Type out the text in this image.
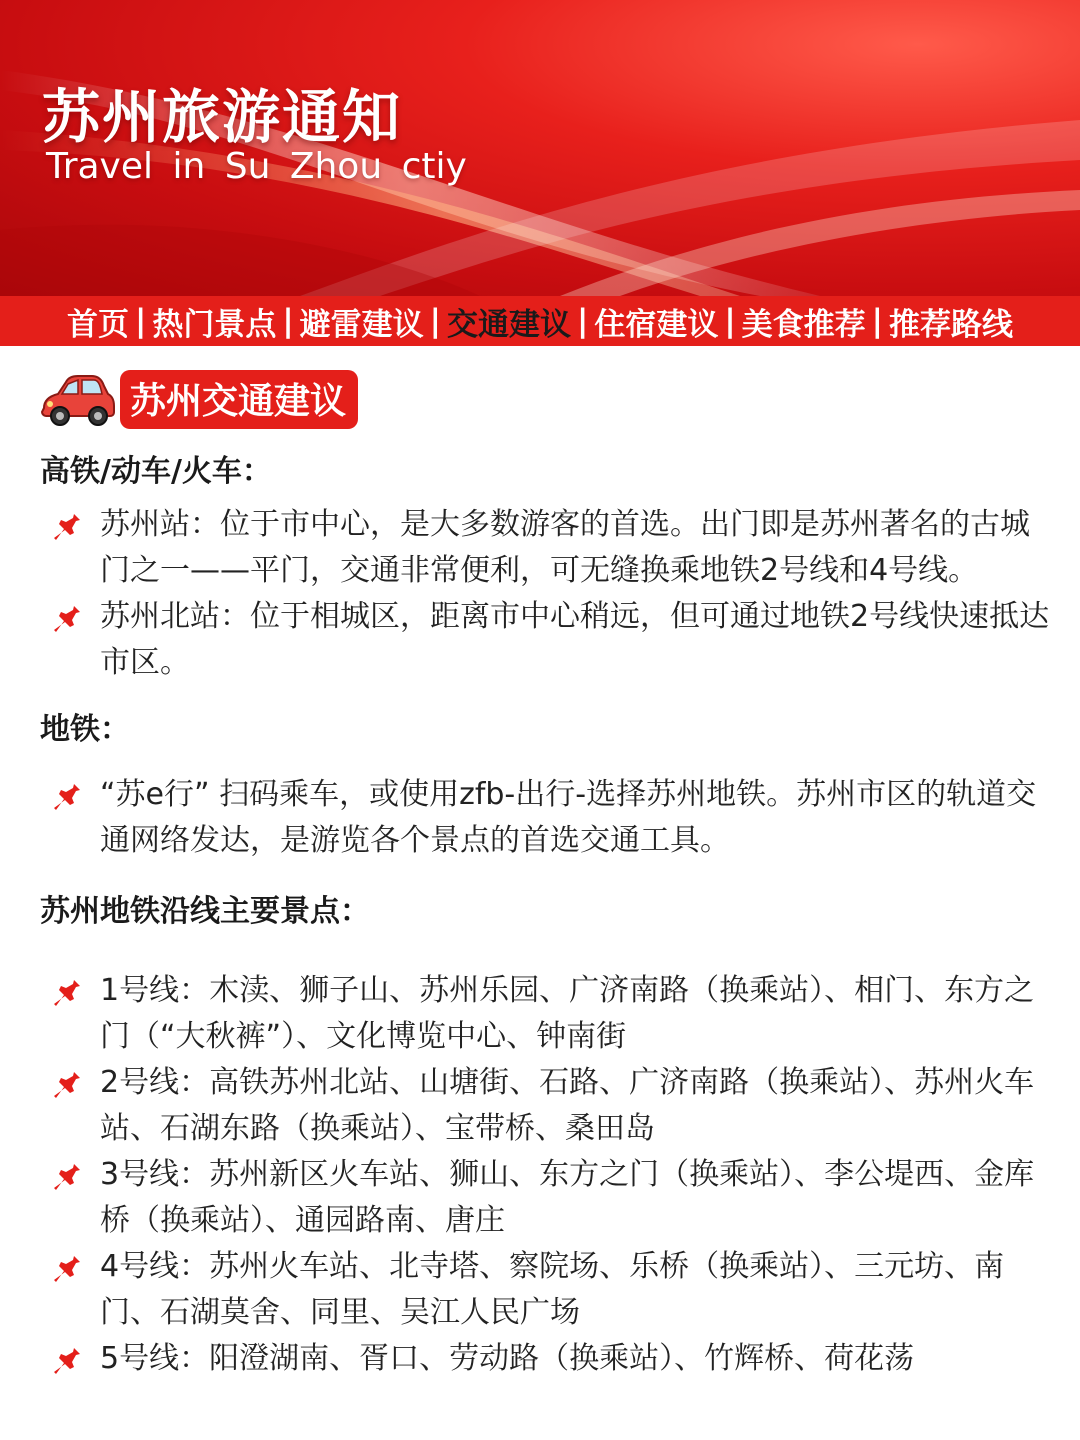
苏州旅游通知
Travel in Su Zhou ctiy
首页 | 热门景点 | 避雷建议 | 交通建议 | 住宿建议 | 美食推荐 | 推荐路线
苏州交通建议
高铁/动车/火车：
苏州站：位于市中心，是大多数游客的首选。出门即是苏州著名的古城门之一——平门，交通非常便利，可无缝换乘地铁2号线和4号线。
苏州北站：位于相城区，距离市中心稍远，但可通过地铁2号线快速抵达市区。
地铁：
“苏e行” 扫码乘车，或使用zfb-出行-选择苏州地铁。苏州市区的轨道交通网络发达，是游览各个景点的首选交通工具。
苏州地铁沿线主要景点：
1号线：木渎、狮子山、苏州乐园、广济南路（换乘站）、相门、东方之门（“大秋裤”）、文化博览中心、钟南街
2号线：高铁苏州北站、山塘街、石路、广济南路（换乘站）、苏州火车站、石湖东路（换乘站）、宝带桥、桑田岛
3号线：苏州新区火车站、狮山、东方之门（换乘站）、李公堤西、金库桥（换乘站）、通园路南、唐庄
4号线：苏州火车站、北寺塔、察院场、乐桥（换乘站）、三元坊、南门、石湖莫舍、同里、吴江人民广场
5号线：阳澄湖南、胥口、劳动路（换乘站）、竹辉桥、荷花荡
